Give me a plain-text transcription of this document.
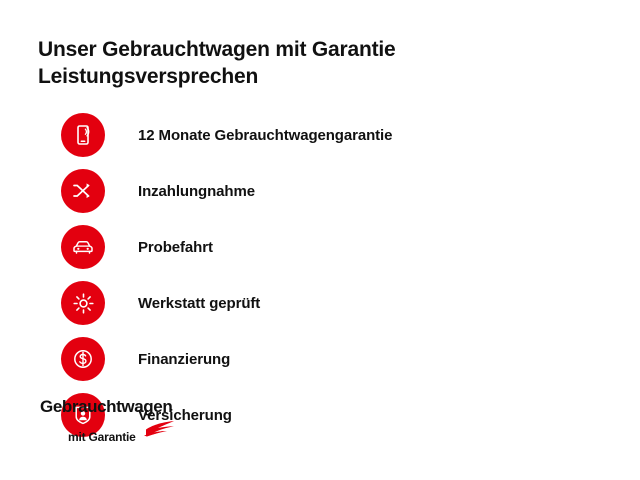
Unser Gebrauchtwagen mit Garantie
Leistungsversprechen
12 Monate Gebrauchtwagengarantie
Inzahlungnahme
Probefahrt
Werkstatt geprüft
Finanzierung
Versicherung
Gebrauchtwagen
mit Garantie
